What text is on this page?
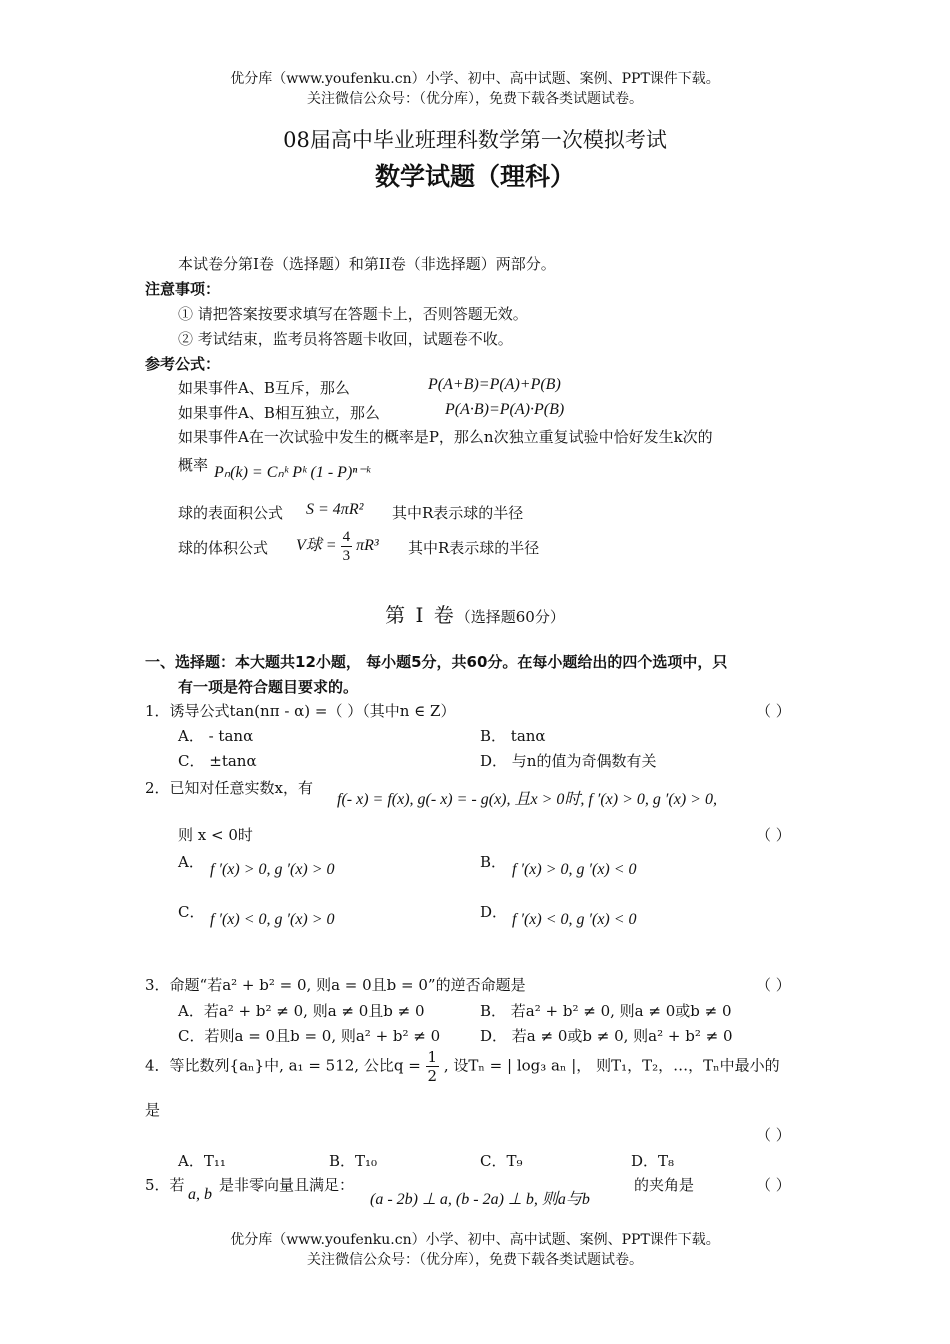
优分库（www.youfenku.cn）小学、初中、高中试题、案例、PPT课件下载。
关注微信公众号：（优分库），免费下载各类试题试卷。
08届高中毕业班理科数学第一次模拟考试
数学试题（理科）
本试卷分第I卷（选择题）和第II卷（非选择题）两部分。
注意事项：
① 请把答案按要求填写在答题卡上，否则答题无效。
② 考试结束，监考员将答题卡收回，试题卷不收。
参考公式：
如果事件A、B互斥，那么	P(A+B)=P(A)+P(B)
如果事件A、B相互独立，那么	P(A·B)=P(A)·P(B)
如果事件A在一次试验中发生的概率是P，那么n次独立重复试验中恰好发生k次的
概率 Pₙ(k) = Cₙᵏ Pᵏ (1 - P)ⁿ⁻ᵏ
球的表面积公式 S = 4πR² 其中R表示球的半径
球的体积公式 V球 = $\frac{4}{3} \pi R^3$ 其中R表示球的半径
第 I 卷（选择题60分）
一、选择题：本大题共12小题， 每小题5分，共60分。在每小题给出的四个选项中，只
有一项是符合题目要求的。
1．诱导公式tan(nπ - α) =（ ）（其中n ∈ Z）	（ ）
A． - tanα	B． tanα
C． ±tanα	D． 与n的值为奇偶数有关
2．已知对任意实数x，有
f(- x) = f(x), g(- x) = - g(x), 且x > 0时, f ′(x) > 0, g ′(x) > 0,
则 x < 0时	（ ）
A． f ′(x) > 0, g ′(x) > 0	B． f ′(x) > 0, g ′(x) < 0
C． f ′(x) < 0, g ′(x) > 0	D． f ′(x) < 0, g ′(x) < 0
3．命题“若a² + b² = 0, 则a = 0且b = 0”的逆否命题是	（ ）
A．若a² + b² ≠ 0, 则a ≠ 0且b ≠ 0	B． 若a² + b² ≠ 0, 则a ≠ 0或b ≠ 0
C．若则a = 0且b = 0, 则a² + b² ≠ 0	D． 若a ≠ 0或b ≠ 0, 则a² + b² ≠ 0
4．等比数列{aₙ}中, a₁ = 512, 公比$q = \frac{1}{2}$ , 设Tₙ = | log₃ aₙ |， 则T₁，T₂，…，Tₙ中最小的
是
（ ）
A．T₁₁	B．T₁₀	C．T₉	D．T₈
5．若
a, b
是非零向量且满足：
(a - 2b) ⊥ a, (b - 2a) ⊥ b, 则a与b
的夹角是	（ ）
优分库（www.youfenku.cn）小学、初中、高中试题、案例、PPT课件下载。
关注微信公众号：（优分库），免费下载各类试题试卷。
